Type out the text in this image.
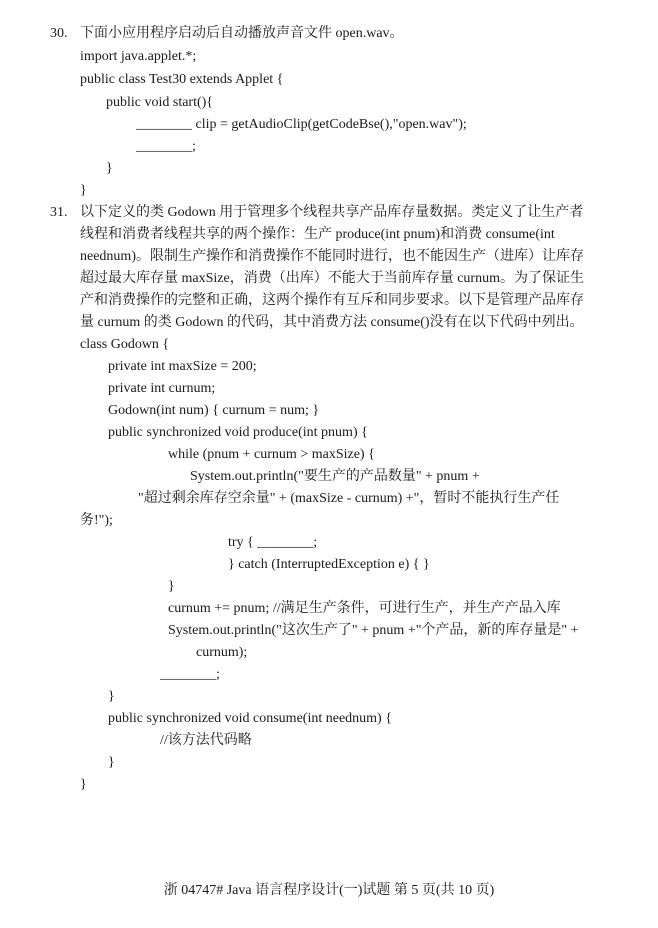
30. 下面小应用程序启动后自动播放声音文件 open.wav。
import java.applet.*;
public class Test30 extends Applet {
public void start(){
________ clip = getAudioClip(getCodeBse(),"open.wav");
________;
}
}
31. 以下定义的类 Godown 用于管理多个线程共享产品库存量数据。类定义了让生产者
线程和消费者线程共享的两个操作：生产 produce(int pnum)和消费 consume(int
neednum)。限制生产操作和消费操作不能同时进行，也不能因生产（进库）让库存
超过最大库存量 maxSize，消费（出库）不能大于当前库存量 curnum。为了保证生
产和消费操作的完整和正确，这两个操作有互斥和同步要求。以下是管理产品库存
量 curnum 的类 Godown 的代码，其中消费方法 consume()没有在以下代码中列出。
class Godown {
private int maxSize = 200;
private int curnum;
Godown(int num) { curnum = num; }
public synchronized void produce(int pnum) {
while (pnum + curnum > maxSize) {
System.out.println("要生产的产品数量" + pnum +
"超过剩余库存空余量" + (maxSize - curnum) +"，暂时不能执行生产任
务!");
try { ________;
} catch (InterruptedException e) { }
}
curnum += pnum; //满足生产条件，可进行生产，并生产产品入库
System.out.println("这次生产了" + pnum +"个产品，新的库存量是" +
curnum);
________;
}
public synchronized void consume(int neednum) {
//该方法代码略
}
}
浙 04747# Java 语言程序设计(一)试题 第 5 页(共 10 页)
